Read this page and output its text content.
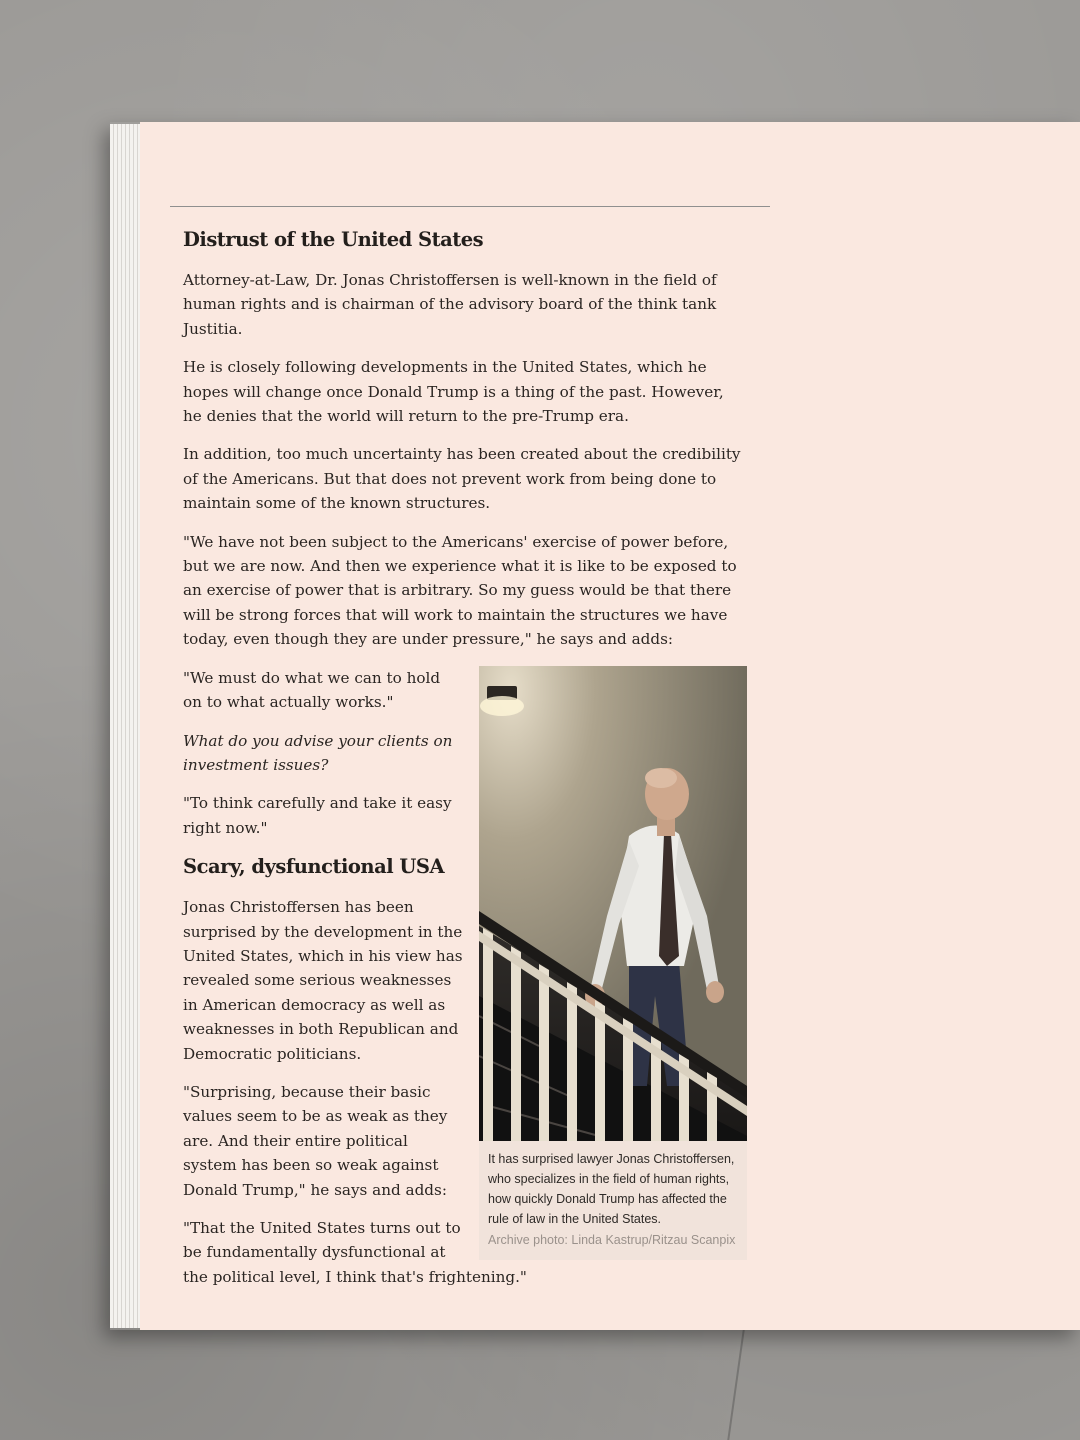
Distrust of the United States

Attorney-at-Law, Dr. Jonas Christoffersen is well-known in the field of human rights and is chairman of the advisory board of the think tank Justitia.

He is closely following developments in the United States, which he hopes will change once Donald Trump is a thing of the past. However, he denies that the world will return to the pre-Trump era.

In addition, too much uncertainty has been created about the credibility of the Americans. But that does not prevent work from being done to maintain some of the known structures.

"We have not been subject to the Americans' exercise of power before, but we are now. And then we experience what it is like to be exposed to an exercise of power that is arbitrary. So my guess would be that there will be strong forces that will work to maintain the structures we have today, even though they are under pressure," he says and adds:

It has surprised lawyer Jonas Christoffersen, who specializes in the field of human rights, how quickly Donald Trump has affected the rule of law in the United States.
Archive photo: Linda Kastrup/Ritzau Scanpix

"We must do what we can to hold on to what actually works."

What do you advise your clients on investment issues?

"To think carefully and take it easy right now."

Scary, dysfunctional USA

Jonas Christoffersen has been surprised by the development in the United States, which in his view has revealed some serious weaknesses in American democracy as well as weaknesses in both Republican and Democratic politicians.

"Surprising, because their basic values seem to be as weak as they are. And their entire political system has been so weak against Donald Trump," he says and adds:

"That the United States turns out to be fundamentally dysfunctional at the political level, I think that's frightening."
